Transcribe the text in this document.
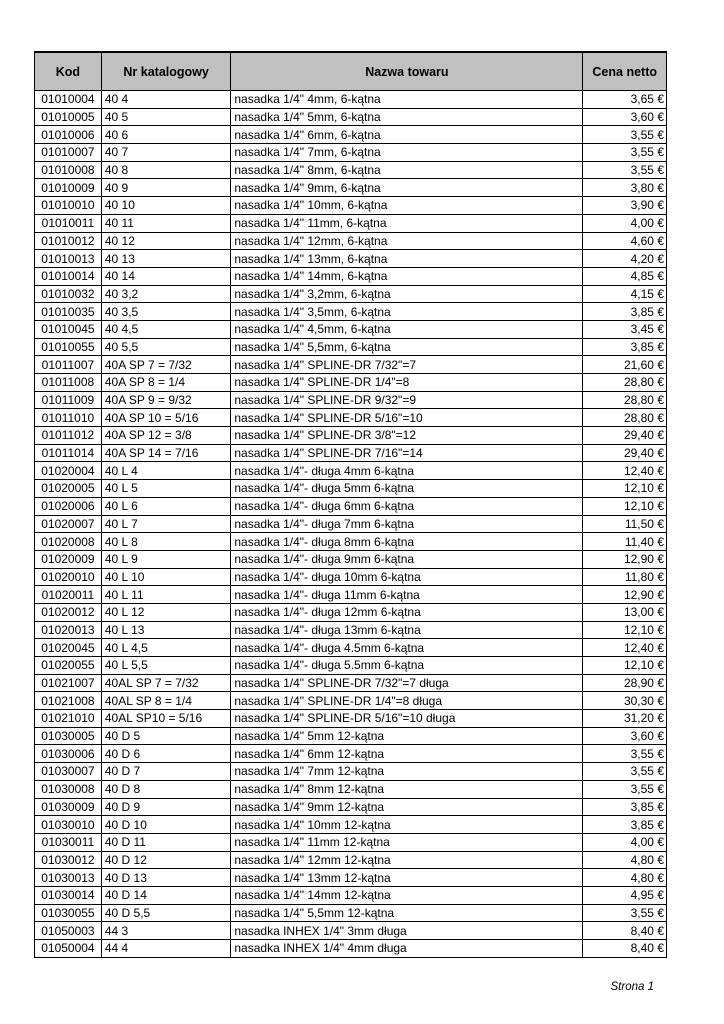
Kod	Nr katalogowy	Nazwa towaru	Cena netto
01010004	40 4	nasadka 1/4" 4mm, 6-kątna	3,65 €
01010005	40 5	nasadka 1/4" 5mm, 6-kątna	3,60 €
01010006	40 6	nasadka 1/4" 6mm, 6-kątna	3,55 €
01010007	40 7	nasadka 1/4" 7mm, 6-kątna	3,55 €
01010008	40 8	nasadka 1/4" 8mm, 6-kątna	3,55 €
01010009	40 9	nasadka 1/4" 9mm, 6-kątna	3,80 €
01010010	40 10	nasadka 1/4" 10mm, 6-kątna	3,90 €
01010011	40 11	nasadka 1/4" 11mm, 6-kątna	4,00 €
01010012	40 12	nasadka 1/4" 12mm, 6-kątna	4,60 €
01010013	40 13	nasadka 1/4" 13mm, 6-kątna	4,20 €
01010014	40 14	nasadka 1/4" 14mm, 6-kątna	4,85 €
01010032	40 3,2	nasadka 1/4" 3,2mm, 6-kątna	4,15 €
01010035	40 3,5	nasadka 1/4" 3,5mm, 6-kątna	3,85 €
01010045	40 4,5	nasadka 1/4" 4,5mm, 6-kątna	3,45 €
01010055	40 5,5	nasadka 1/4" 5,5mm, 6-kątna	3,85 €
01011007	40A SP 7 = 7/32	nasadka 1/4" SPLINE-DR 7/32"=7	21,60 €
01011008	40A SP 8 = 1/4	nasadka 1/4" SPLINE-DR 1/4"=8	28,80 €
01011009	40A SP 9 = 9/32	nasadka 1/4" SPLINE-DR 9/32"=9	28,80 €
01011010	40A SP 10 = 5/16	nasadka 1/4" SPLINE-DR 5/16"=10	28,80 €
01011012	40A SP 12 = 3/8	nasadka 1/4" SPLINE-DR 3/8"=12	29,40 €
01011014	40A SP 14 = 7/16	nasadka 1/4" SPLINE-DR 7/16"=14	29,40 €
01020004	40 L 4	nasadka 1/4"- długa 4mm 6-kątna	12,40 €
01020005	40 L 5	nasadka 1/4"- długa 5mm 6-kątna	12,10 €
01020006	40 L 6	nasadka 1/4"- długa 6mm 6-kątna	12,10 €
01020007	40 L 7	nasadka 1/4"- długa 7mm 6-kątna	11,50 €
01020008	40 L 8	nasadka 1/4"- długa 8mm 6-kątna	11,40 €
01020009	40 L 9	nasadka 1/4"- długa 9mm 6-kątna	12,90 €
01020010	40 L 10	nasadka 1/4"- długa 10mm 6-kątna	11,80 €
01020011	40 L 11	nasadka 1/4"- długa 11mm 6-kątna	12,90 €
01020012	40 L 12	nasadka 1/4"- długa 12mm 6-kątna	13,00 €
01020013	40 L 13	nasadka 1/4"- długa 13mm 6-kątna	12,10 €
01020045	40 L 4,5	nasadka 1/4"- długa 4.5mm 6-kątna	12,40 €
01020055	40 L 5,5	nasadka 1/4"- długa 5.5mm 6-kątna	12,10 €
01021007	40AL SP 7 = 7/32	nasadka 1/4" SPLINE-DR 7/32"=7 długa	28,90 €
01021008	40AL SP 8 = 1/4	nasadka 1/4" SPLINE-DR 1/4"=8 długa	30,30 €
01021010	40AL SP10 = 5/16	nasadka 1/4" SPLINE-DR 5/16"=10 długa	31,20 €
01030005	40 D 5	nasadka 1/4" 5mm 12-kątna	3,60 €
01030006	40 D 6	nasadka 1/4" 6mm 12-kątna	3,55 €
01030007	40 D 7	nasadka 1/4" 7mm 12-kątna	3,55 €
01030008	40 D 8	nasadka 1/4" 8mm 12-kątna	3,55 €
01030009	40 D 9	nasadka 1/4" 9mm 12-kątna	3,85 €
01030010	40 D 10	nasadka 1/4" 10mm 12-kątna	3,85 €
01030011	40 D 11	nasadka 1/4" 11mm 12-kątna	4,00 €
01030012	40 D 12	nasadka 1/4" 12mm 12-kątna	4,80 €
01030013	40 D 13	nasadka 1/4" 13mm 12-kątna	4,80 €
01030014	40 D 14	nasadka 1/4" 14mm 12-kątna	4,95 €
01030055	40 D 5,5	nasadka 1/4" 5,5mm 12-kątna	3,55 €
01050003	44 3	nasadka INHEX 1/4" 3mm długa	8,40 €
01050004	44 4	nasadka INHEX 1/4" 4mm długa	8,40 €
Strona 1
